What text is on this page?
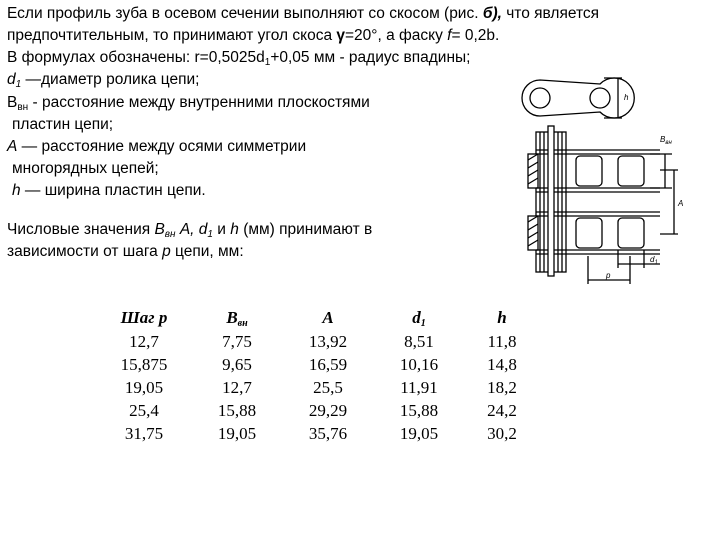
Если профиль зуба в осевом сечении выполняют со скосом (рис. б), что является
предпочтительным, то принимают угол скоса γ=20°, а фаску f= 0,2b.
В формулах обозначены: $r=0,5025d_1+0,05$ мм - радиус впадины;
$d_1$ —диаметр ролика цепи;
$В_{вн}$ - расстояние между внутренними плоскостями
пластин цепи;
А — расстояние между осями симметрии
многорядных цепей;
h — ширина пластин цепи.
Числовые значения $В_{вн}$ А, $d_1$ и h (мм) принимают в
зависимости от шага р цепи, мм:
h
$B_{вн}$
A
$d_1$
p
Шаг р	$B_{вн}$	A	$d_1$	h
12,7	7,75	13,92	8,51	11,8
15,875	9,65	16,59	10,16	14,8
19,05	12,7	25,5	11,91	18,2
25,4	15,88	29,29	15,88	24,2
31,75	19,05	35,76	19,05	30,2
